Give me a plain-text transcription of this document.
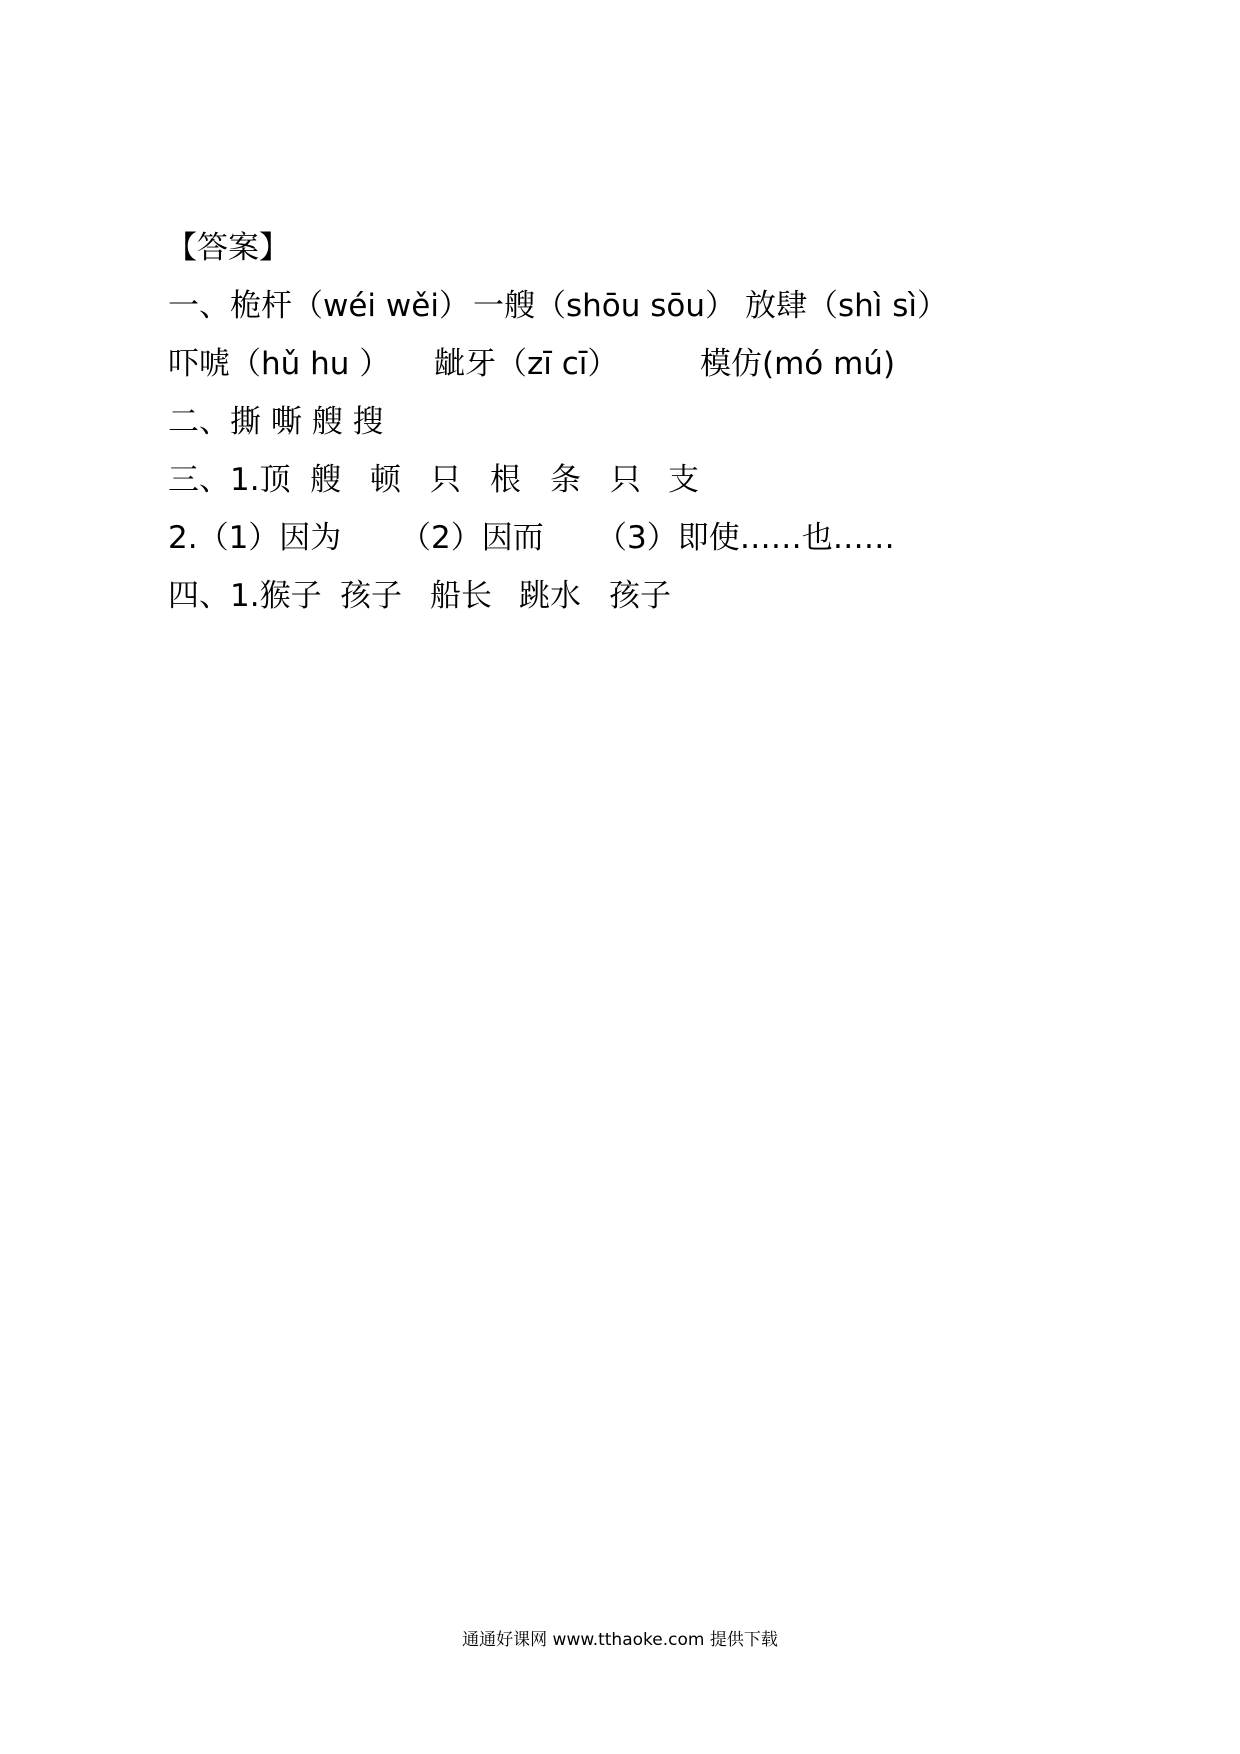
【答案】

一、桅杆（wéi wěi）

一艘（shōu sōu）

放肆（shì sì）

吓唬（hǔ hu ）

龇牙（zī cī）

	模仿(mó mú)

二、撕 嘶 艘 搜

三、1.顶

艘

顿

只

根

条

只

支

2.（1）因为

（2）因而

（3）即使……也……

四、1.猴子

孩子

船长

跳水

孩子

通通好课网 www.tthaoke.com 提供下载
